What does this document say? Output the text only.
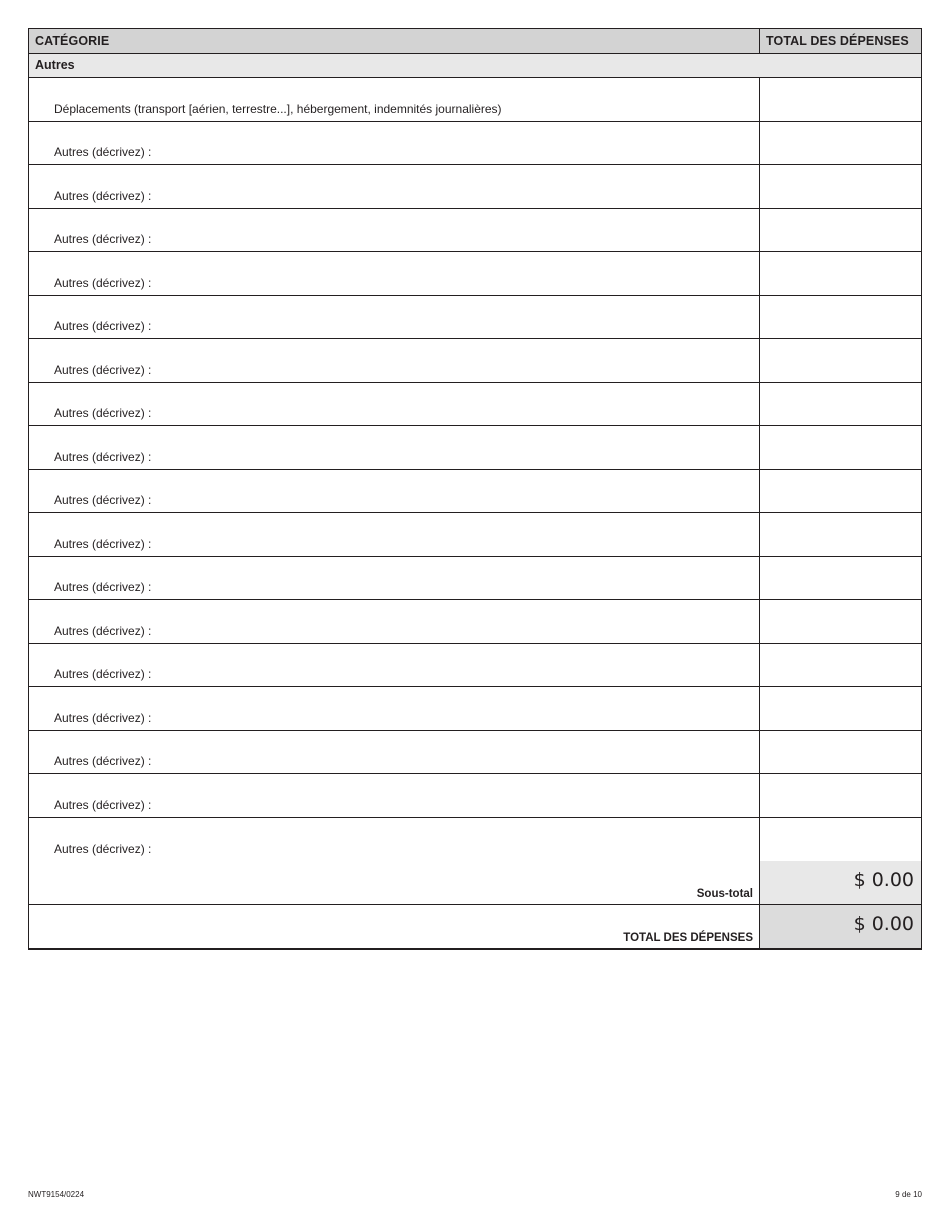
CATÉGORIE	TOTAL DES DÉPENSES
Autres
Déplacements (transport [aérien, terrestre...], hébergement, indemnités journalières)
Autres (décrivez) :
Autres (décrivez) :
Autres (décrivez) :
Autres (décrivez) :
Autres (décrivez) :
Autres (décrivez) :
Autres (décrivez) :
Autres (décrivez) :
Autres (décrivez) :
Autres (décrivez) :
Autres (décrivez) :
Autres (décrivez) :
Autres (décrivez) :
Autres (décrivez) :
Autres (décrivez) :
Autres (décrivez) :
Autres (décrivez) :
Sous-total
$ 0.00
TOTAL DES DÉPENSES
$ 0.00
NWT9154/0224	9 de 10
